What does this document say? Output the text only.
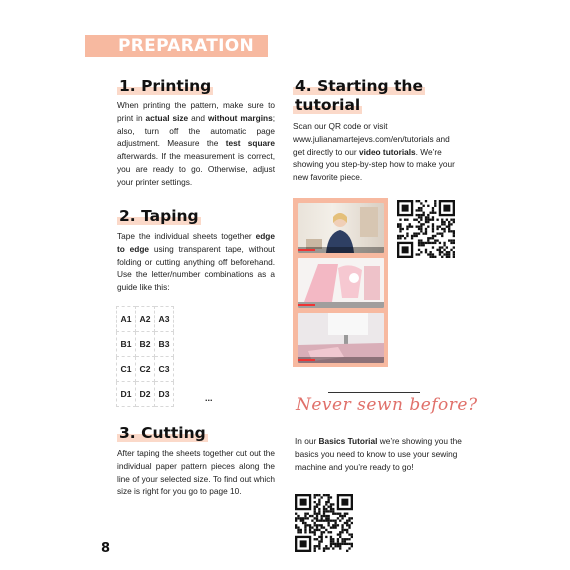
PREPARATION
1. Printing

When printing the pattern, make sure to print in actual size and without margins; also, turn off the automatic page adjustment. Measure the test square afterwards. If the measurement is correct, you are ready to go. Otherwise, adjust your printer settings.

2. Taping

Tape the individual sheets together edge to edge using transparent tape, without folding or cutting anything off beforehand. Use the letter/number combinations as a guide like this:

A1	A2	A3
B1	B2	B3
C1	C2	C3
D1	D2	D3	...
3. Cutting

After taping the sheets together cut out the individual paper pattern pieces along the line of your selected size. To find out which size is right for you go to page 10.

4. Starting the
tutorial

Scan our QR code or visit www.julianamartejevs.com/en/tutorials and get directly to our video tutorials. We’re showing you step-by-step how to make your new favorite piece.

Never sewn before?

In our Basics Tutorial we’re showing you the basics you need to know to use your sewing machine and you’re ready to go!

8
